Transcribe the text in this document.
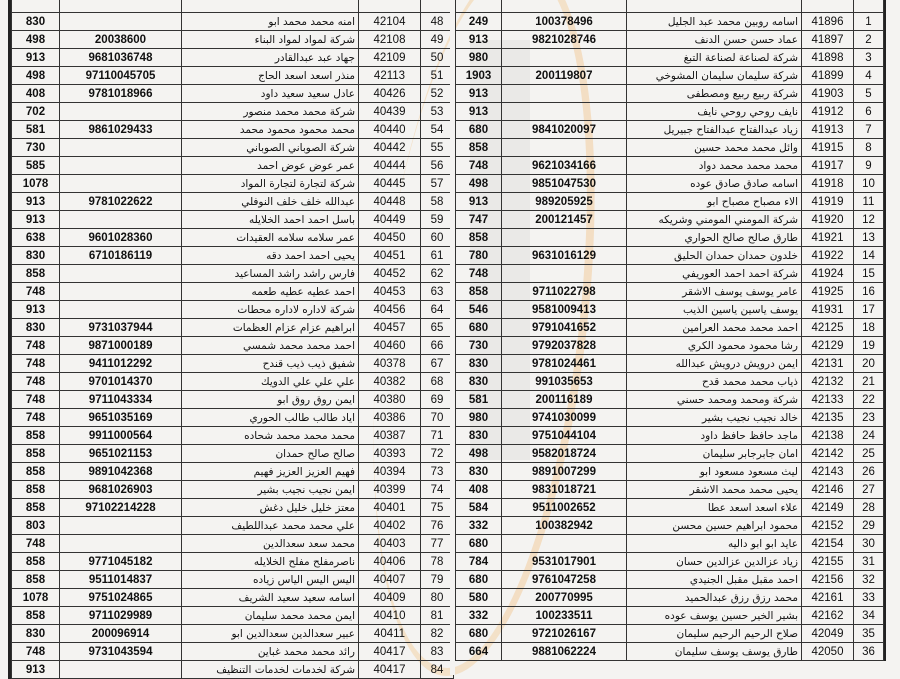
830		امنه محمد محمد ابو	42104	48
498	20038600	شركة لمواد لمواد البناء	42108	49
913	9681036748	جهاد عبد عبدالقادر	42109	50
498	97110045705	منذر اسعد اسعد الحاج	42113	51
408	9781018966	عادل سعيد سعيد داود	40426	52
702		شركة محمد محمد منصور	40439	53
581	9861029433	محمد محمود محمود محمد	40440	54
730		شركة الصوباني الصوباني	40442	55
585		عمر عوض عوض احمد	40444	56
1078		شركة لتجارة لتجارة المواد	40445	57
913	9781022622	عبدالله خلف خلف النوفلي	40448	58
913		باسل احمد احمد الخلايله	40449	59
638	9601028360	عمر سلامه سلامه العقيدات	40450	60
830	6710186119	يحيى احمد احمد دقه	40451	61
858		فارس راشد راشد المساعيد	40452	62
748		احمد عطيه عطيه طعمه	40453	63
913		شركة لاداره لاداره محطات	40456	64
830	9731037944	ابراهيم عزام عزام العظمات	40457	65
748	9871000189	احمد محمد محمد شمسي	40460	66
748	9411012292	شفيق ذيب ذيب قندح	40378	67
748	9701014370	علي علي علي الدويك	40382	68
748	9711043334	ايمن روق روق ابو	40380	69
748	9651035169	اياد طالب طالب الحوري	40386	70
858	9911000564	محمد محمد محمد شحاده	40387	71
858	9651021153	صالح صالح حمدان	40393	72
858	9891042368	فهيم العزيز العزيز فهيم	40394	73
858	9681026903	ايمن نجيب نجيب بشير	40399	74
858	97102214228	معتز خليل خليل دغش	40401	75
803		علي محمد محمد عبداللطيف	40402	76
748		محمد سعد سعدالدين	40403	77
858	9771045182	ناصرمفلح مفلح الخلايله	40406	78
858	9511014837	اليس اليس الياس زياده	40407	79
1078	9751024865	اسامه سعيد سعيد الشريف	40409	80
858	9711029989	ايمن محمد محمد سليمان	40410	81
830	200096914	عبير سعدالدين سعدالدين ابو	40411	82
748	9731043594	رائد محمد محمد غباين	40417	83
913		شركة لخدمات لخدمات التنظيف	40417	84

249	100378496	اسامه روبين محمد عبد الجليل	41896	1
913	9821028746	عماد حسن حسن الدنف	41897	2
980		شركة لصناعة لصناعة التبغ	41898	3
1903	200119807	شركة سليمان سليمان المشوخي	41899	4
913		شركة ربيع ربيع ومصطفى	41903	5
913		نايف روحي روحي نايف	41912	6
680	9841020097	زياد عبدالفتاح عبدالفتاح جبيريل	41913	7
858		وائل محمد محمد حسين	41915	8
748	9621034166	محمد محمد محمد دواد	41917	9
498	9851047530	اسامه صادق صادق عوده	41918	10
913	989205925	الاء مصباح مصباح ابو	41919	11
747	200121457	شركة المومني المومني وشريكه	41920	12
858		طارق صالح صالح الحواري	41921	13
780	9631016129	خلدون حمدان حمدان الحليق	41922	14
748		شركة احمد احمد العوريفي	41924	15
858	9711022798	عامر يوسف يوسف الاشقر	41925	16
546	9581009413	يوسف ياسين ياسين الذيب	41931	17
680	9791041652	احمد محمد محمد العرامين	42125	18
730	9792037828	رشا محمود محمود الكري	42129	19
830	9781024461	ايمن درويش درويش عبدالله	42131	20
830	991035653	ذياب محمد محمد قدح	42132	21
581	200116189	شركة ومحمد ومحمد حسني	42133	22
980	9741030099	خالد نجيب نجيب بشير	42135	23
830	9751044104	ماجد حافظ حافظ داود	42138	24
498	9582018724	امان جابرجابر سليمان	42142	25
830	9891007299	ليث مسعود مسعود ابو	42143	26
408	9831018721	يحيى محمد محمد الاشقر	42146	27
584	9511002652	علاء اسعد اسعد عطا	42149	28
332	100382942	محمود ابراهيم حسين محسن	42152	29
680		عايد ابو ابو داليه	42154	30
784	9531017901	زياد عزالدين عزالدين حسان	42155	31
680	9761047258	احمد مقبل مقبل الجنيدي	42156	32
580	200770995	محمد رزق رزق عبدالحميد	42161	33
332	100233511	بشير الخير حسين يوسف عوده	42162	34
680	9721026167	صلاح الرحيم الرحيم سليمان	42049	35
664	9881062224	طارق يوسف يوسف سليمان	42050	36
